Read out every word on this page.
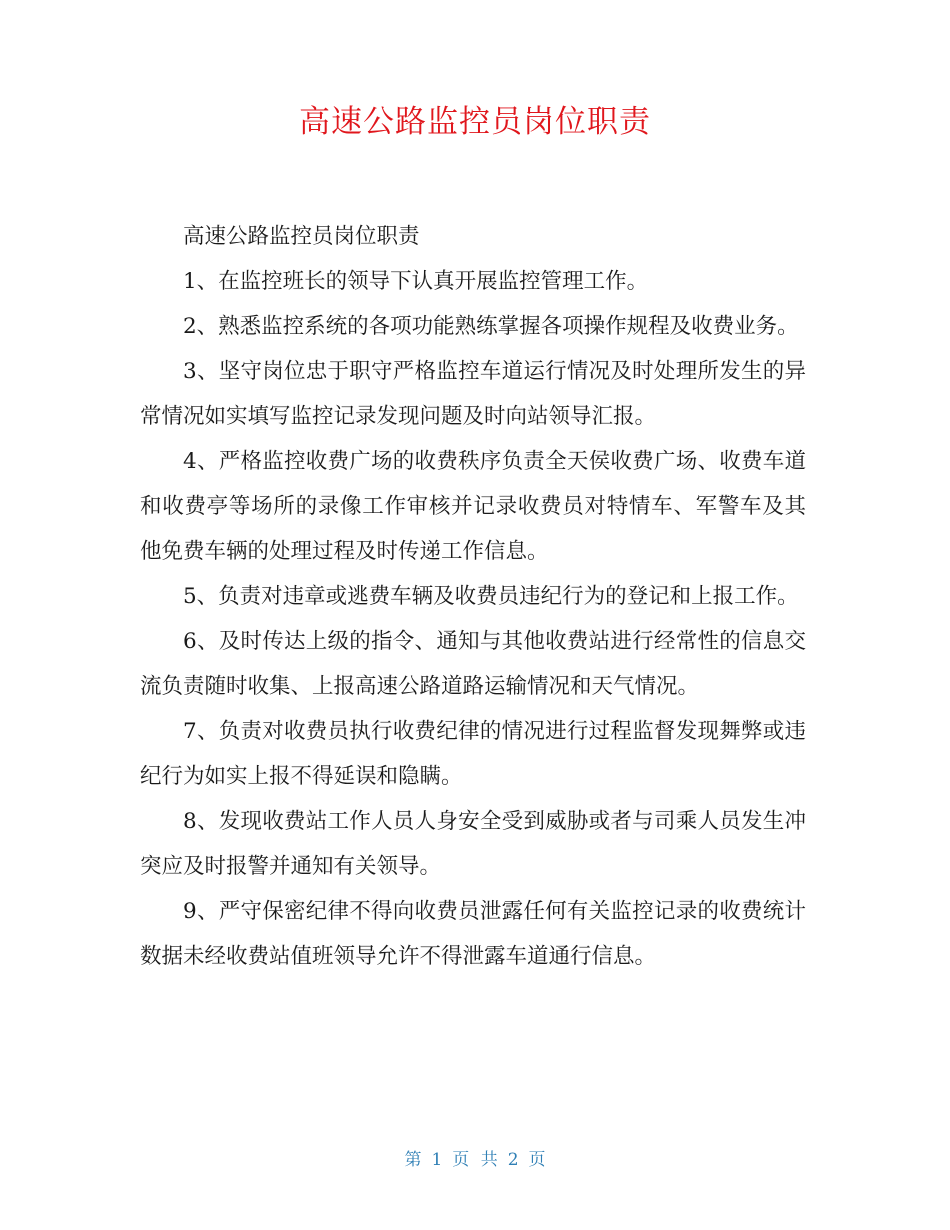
高速公路监控员岗位职责

高速公路监控员岗位职责

1、在监控班长的领导下认真开展监控管理工作。

2、熟悉监控系统的各项功能熟练掌握各项操作规程及收费业务。

3、坚守岗位忠于职守严格监控车道运行情况及时处理所发生的异常情况如实填写监控记录发现问题及时向站领导汇报。

4、严格监控收费广场的收费秩序负责全天侯收费广场、收费车道和收费亭等场所的录像工作审核并记录收费员对特情车、军警车及其他免费车辆的处理过程及时传递工作信息。

5、负责对违章或逃费车辆及收费员违纪行为的登记和上报工作。

6、及时传达上级的指令、通知与其他收费站进行经常性的信息交流负责随时收集、上报高速公路道路运输情况和天气情况。

7、负责对收费员执行收费纪律的情况进行过程监督发现舞弊或违纪行为如实上报不得延误和隐瞒。

8、发现收费站工作人员人身安全受到威胁或者与司乘人员发生冲突应及时报警并通知有关领导。

9、严守保密纪律不得向收费员泄露任何有关监控记录的收费统计数据未经收费站值班领导允许不得泄露车道通行信息。

第 1 页 共 2 页
